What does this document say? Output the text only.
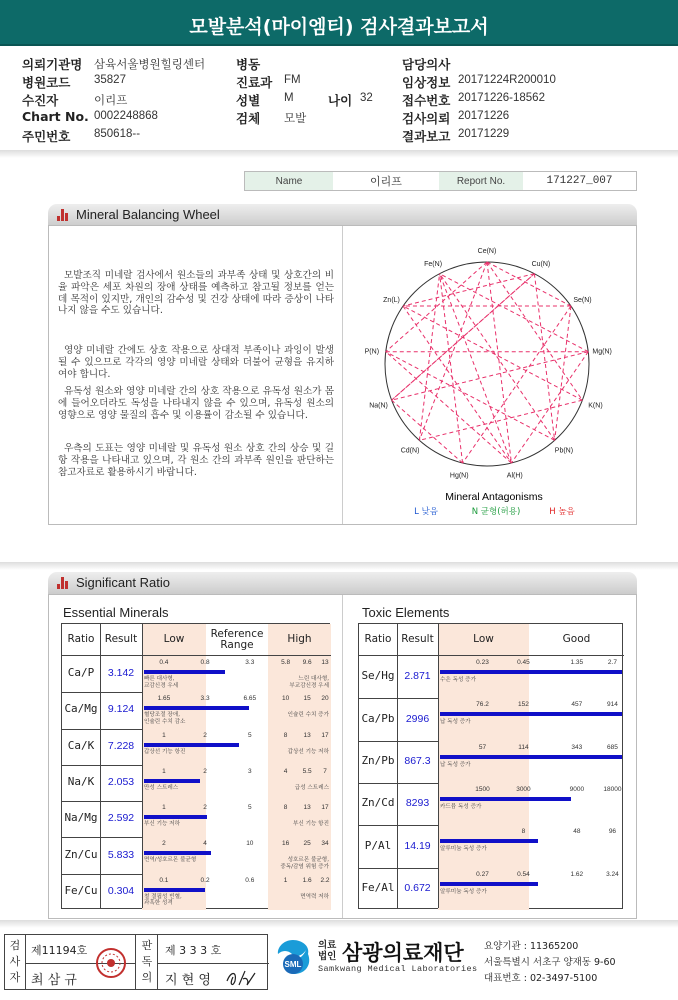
모발분석(마이엠티) 검사결과보고서
의뢰기관명 삼육서울병원힐링센터 병동	담당의사
병원코드 35827	진료과 FM	임상정보 20171224R200010
수진자	이리프	성별 M	접수번호 20171226-18562
나이 32
Chart No. 0002248868	검체 모발	검사의뢰 20171226
주민번호 850618--	결과보고 20171229
Name	이리프	Report No.	171227_007
Mineral Balancing Wheel
모발조직 미네랄 검사에서 원소들의 과부족 상태 및 상호간의 비율 파악은 세포 차원의 장애 상태를 예측하고 참고될 정보를 얻는데 목적이 있지만, 개인의 감수성 및 건강 상태에 따라 증상이 나타나지 않을 수도 있습니다.
영양 미네랄 간에도 상호 작용으로 상대적 부족이나 과잉이 발생될 수 있으므로 각각의 영양 미네랄 상태와 더불어 균형을 유지하여야 합니다.
유독성 원소와 영양 미네랄 간의 상호 작용으로 유독성 원소가 몸에 들어오더라도 독성을 나타내지 않을 수 있으며, 유독성 원소의 영향으로 영양 물질의 흡수 및 이용률이 감소될 수 있습니다.
우측의 도표는 영양 미네랄 및 유독성 원소 상호 간의 상승 및 길항 작용을 나타내고 있으며, 각 원소 간의 과부족 원인을 판단하는 참고자료로 활용하시기 바랍니다.
Ce(N)
Cu(N)
Se(N)
Mg(N)
K(N)
Pb(N)
Al(H)
Hg(N)
Cd(N)
Na(N)
P(N)
Zn(L)
Fe(N)
Mineral Antagonisms
L 낮음	N 균형(허용)	H 높음
Significant Ratio
Essential Minerals	Toxic Elements
Ratio Result	Low	Reference Range	High
Ca/P	3.142
0.4	0.8	3.3	5.8 9.6 13
빠른 대사형,
교감신경 우세
느린 대사형,
부교감신경 우세
Ca/Mg 9.124
1.65	3.3	6.65	10 15 20
혈당조절 장애,
인슐린 수치 감소
인슐린 수치 증가
Ca/K	7.228
1	2	5	8 13 17
갑상선 기능 항진	갑상선 기능 저하
Na/K	2.053
1	2	3	4 5.5 7
만성 스트레스	급성 스트레스
Na/Mg 2.592
1	2	5	8 13 17
부신 기능 저하	부신 기능 항진
Zn/Cu 5.833
2	4	10	16 25 34
면역/성호르몬 불균형	성호르몬 불균형,
중독/감염 위험 증가
Fe/Cu 0.304
0.1	0.2	0.6	1 1.6 2.2
철 결핍성 빈혈,
과혹한 성격
면역력 저하
Ratio Result	Low	Good
Se/Hg 2.871
0.23	0.45	1.35	2.7
수은 독성 증가
Ca/Pb	2996
76.2	152	457	914
납 독성 증가
Zn/Pb 867.3
57	114	343	685
납 독성 증가
Zn/Cd	8293
1500	3000	9000	18000
카드뮴 독성 증가
P/Al	14.19
8	48	96
알루미늄 독성 증가
Fe/Al 0.672
0.27	0.54	1.62	3.24
알루미늄 독성 증가
검
사
자
제11194호
최 삼 규
판
독
의
제 3 3 3 호
지 현 영
SML
의료
법인 삼광의료재단
Samkwang Medical Laboratories
요양기관 : 11365200
서울특별시 서초구 양재동 9-60
대표번호 : 02-3497-5100
